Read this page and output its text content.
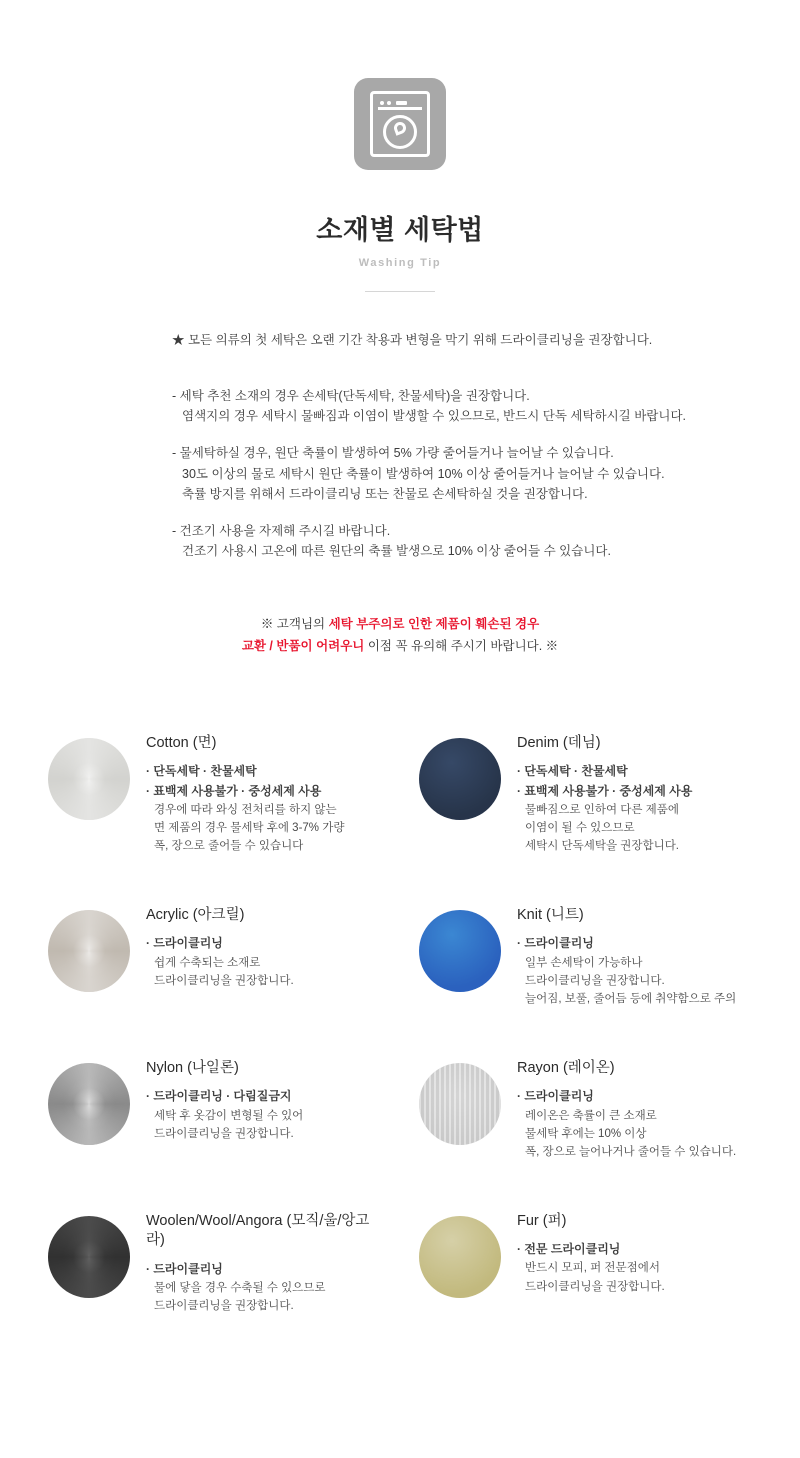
소재별 세탁법
Washing Tip

★ 모든 의류의 첫 세탁은 오랜 기간 착용과 변형을 막기 위해 드라이클리닝을 권장합니다.

- 세탁 추천 소재의 경우 손세탁(단독세탁, 찬물세탁)을 권장합니다.

염색지의 경우 세탁시 물빠짐과 이염이 발생할 수 있으므로, 반드시 단독 세탁하시길 바랍니다.

- 물세탁하실 경우, 원단 축률이 발생하여 5% 가량 줄어들거나 늘어날 수 있습니다.

30도 이상의 물로 세탁시 원단 축률이 발생하여 10% 이상 줄어들거나 늘어날 수 있습니다.

축률 방지를 위해서 드라이클리닝 또는 찬물로 손세탁하실 것을 권장합니다.

- 건조기 사용을 자제해 주시길 바랍니다.

건조기 사용시 고온에 따른 원단의 축률 발생으로 10% 이상 줄어들 수 있습니다.

※ 고객님의 세탁 부주의로 인한 제품이 훼손된 경우
교환 / 반품이 어려우니 이점 꼭 유의해 주시기 바랍니다. ※
Cotton (면)
· 단독세탁 · 찬물세탁
· 표백제 사용불가 · 중성세제 사용
경우에 따라 와싱 전처리를 하지 않는
면 제품의 경우 물세탁 후에 3-7% 가량
폭, 장으로 줄어들 수 있습니다
Denim (데님)
· 단독세탁 · 찬물세탁
· 표백제 사용불가 · 중성세제 사용
물빠짐으로 인하여 다른 제품에
이염이 될 수 있으므로
세탁시 단독세탁을 권장합니다.
Acrylic (아크릴)
· 드라이클리닝
쉽게 수축되는 소재로
드라이클리닝을 권장합니다.
Knit (니트)
· 드라이클리닝
일부 손세탁이 가능하나
드라이클리닝을 권장합니다.
늘어짐, 보풀, 줄어듬 등에 취약함으로 주의
Nylon (나일론)
· 드라이클리닝 · 다림질금지
세탁 후 옷감이 변형될 수 있어
드라이클리닝을 권장합니다.
Rayon (레이온)
· 드라이클리닝
레이온은 축률이 큰 소재로
물세탁 후에는 10% 이상
폭, 장으로 늘어나거나 줄어들 수 있습니다.
Woolen/Wool/Angora (모직/울/앙고라)
· 드라이클리닝
물에 닿을 경우 수축될 수 있으므로
드라이클리닝을 권장합니다.
Fur (퍼)
· 전문 드라이클리닝
반드시 모피, 퍼 전문점에서
드라이클리닝을 권장합니다.
